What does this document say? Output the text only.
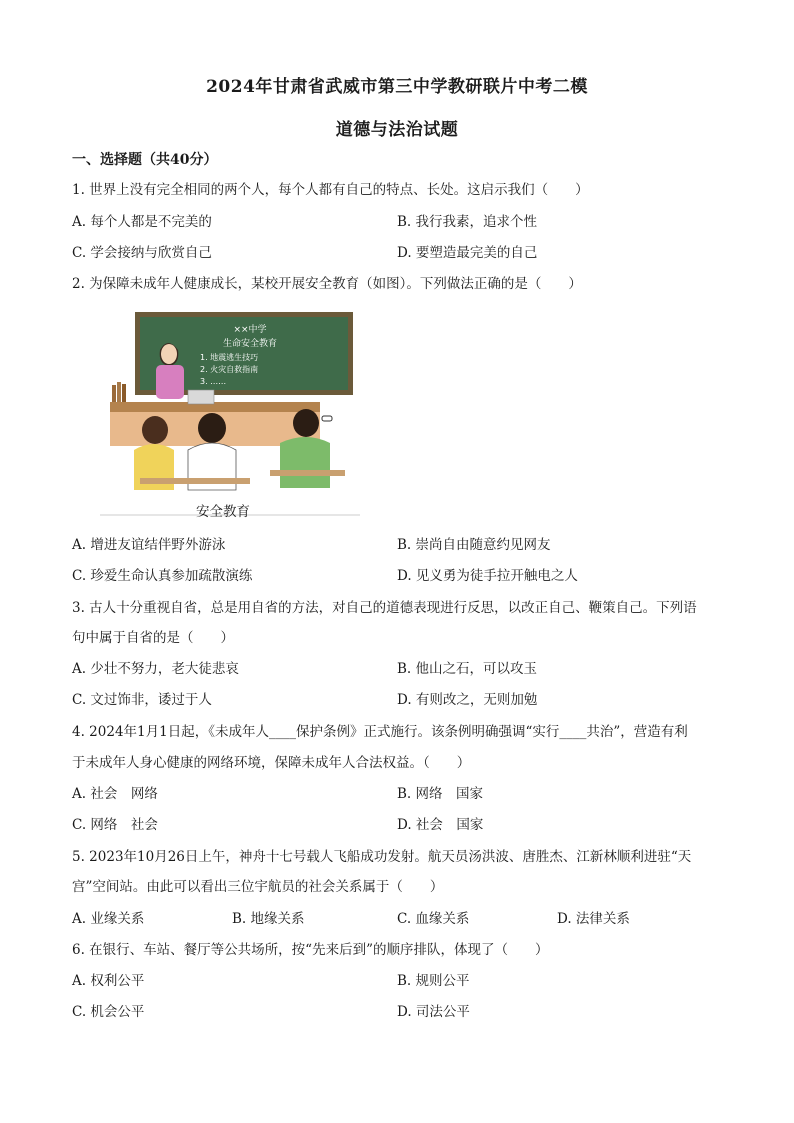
2024年甘肃省武威市第三中学教研联片中考二模
道德与法治试题
一、选择题（共40分）
1. 世界上没有完全相同的两个人，每个人都有自己的特点、长处。这启示我们（　　）
A. 每个人都是不完美的	B. 我行我素，追求个性
C. 学会接纳与欣赏自己	D. 要塑造最完美的自己
2. 为保障未成年人健康成长，某校开展安全教育（如图）。下列做法正确的是（　　）
××中学
生命安全教育
1. 地震逃生技巧
2. 火灾自救指南
3. ……
安全教育
A. 增进友谊结伴野外游泳	B. 崇尚自由随意约见网友
C. 珍爱生命认真参加疏散演练	D. 见义勇为徒手拉开触电之人
3. 古人十分重视自省，总是用自省的方法，对自己的道德表现进行反思，以改正自己、鞭策自己。下列语
句中属于自省的是（　　）
A. 少壮不努力，老大徒悲哀	B. 他山之石，可以攻玉
C. 文过饰非，诿过于人	D. 有则改之，无则加勉
4. 2024年1月1日起，《未成年人____保护条例》正式施行。该条例明确强调“实行____共治”，营造有利
于未成年人身心健康的网络环境，保障未成年人合法权益。（　　）
A. 社会　网络	B. 网络　国家
C. 网络　社会	D. 社会　国家
5. 2023年10月26日上午，神舟十七号载人飞船成功发射。航天员汤洪波、唐胜杰、江新林顺利进驻“天
宫”空间站。由此可以看出三位宇航员的社会关系属于（　　）
A. 业缘关系	B. 地缘关系	C. 血缘关系	D. 法律关系
6. 在银行、车站、餐厅等公共场所，按“先来后到”的顺序排队，体现了（　　）
A. 权利公平	B. 规则公平
C. 机会公平	D. 司法公平
